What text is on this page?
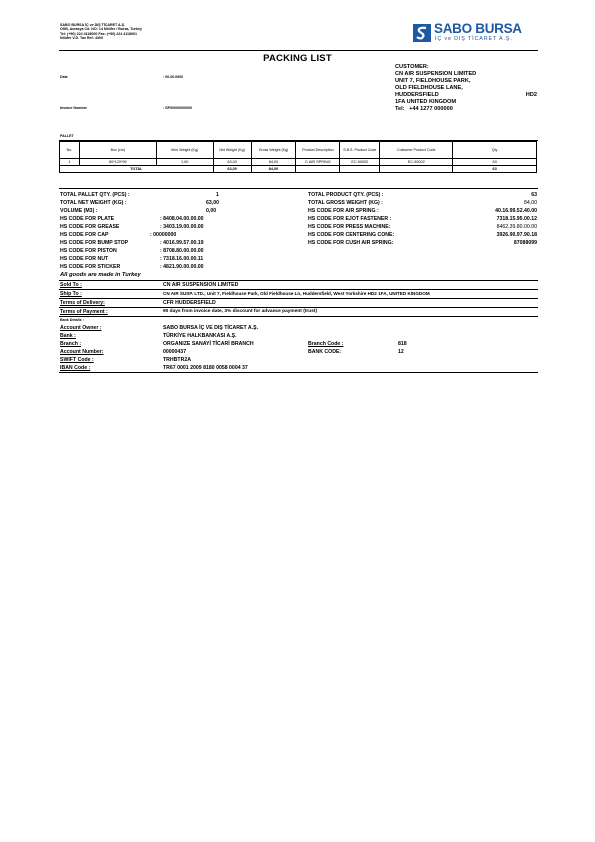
SABO BURSA İÇ ve DIŞ TİCARET A.Ş.
OSB, Avrasya Cd. NO: 14 Nilüfer / Bursa, Turkey
Tel: (+90) 224 4118000 Fax: (+90) 224 4118061
Nilüfer V.D. Tax Ref: 4300
SABO BURSA
İÇ ve DIŞ TİCARET A.Ş.
PACKING LIST
Date	: 00.00.0000
Invoice Number	: SP00000000000
CUSTOMER:
CN AIR SUSPENSION LIMITED
UNIT 7, FIELDHOUSE PARK,
OLD FIELDHOUSE LANE,
HUDDERSFIELD	HD2
1FA UNITED KINGDOM
Tel: +44 1277 000000
PALLET
No.	Box (cm)	Item Weight (Kg)	Net Weight (Kg)	Gross Weight (Kg)	Product Description	S.B.S. Product Code	Customer Product Code	Qty
1	80*120*90	1,00	63,00	84,00	C.AIR SPRING	EC.90002	EC.90002	63
TOTAL			63,00	84,00				63
TOTAL PALLET QTY. (PCS) :	1
TOTAL NET WEIGHT (KG) :	63,00
VOLUME (M3) :	0,00
HS CODE FOR PLATE	: 8408.04.00.00.00
HS CODE FOR GREASE	: 3403.19.00.00.00
HS CODE FOR CAP	: 00000000
HS CODE FOR BUMP STOP	: 4016.99.57.00.19
HS CODE FOR PISTON	: 8708.80.00.00.00
HS CODE FOR NUT	: 7318.16.00.00.11
HS CODE FOR STICKER	: 4821.90.00.00.00
TOTAL PRODUCT QTY. (PCS) :	63
TOTAL GROSS WEIGHT (KG) :	84,00
HS CODE FOR AIR SPRING :	40.16.99.52.40.00
HS CODE FOR EJOT FASTENER :	7318.15.95.00.12
HS CODE FOR PRESS MACHINE:	8462.39.80.00.00
HS CODE FOR CENTERING CONE:	3926.90.97.90.18
HS CODE FOR CUSH AIR SPRING:	87088099
All goods are made in Turkey
Sold To :	CN AIR SUSPENSION LIMITED
Ship To :	CN AIR SUSP. LTD., Unit 7, Fieldhouse Park, Old Fieldhouse Ln, Huddersfield, West Yorkshire HD2 1FA, UNITED KINGDOM
Terms of Delivery:	CFR HUDDERSFIELD
Terms of Payment :	90 days from invoice date, 3% discount for advance payment (trust)
Bank Details :
Account Owner :	SABO BURSA İÇ VE DIŞ TİCARET A.Ş.
Bank :	TÜRKİYE HALKBANKASI A.Ş.
Branch :	ORGANIZE SANAYİ TİCARİ BRANCH	Branch Code :	818
Account Number:	00000437	BANK CODE:	12
SWIFT Code :	TRHBTR2A
IBAN Code :	TR67 0001 2009 8180 0058 0004 37
